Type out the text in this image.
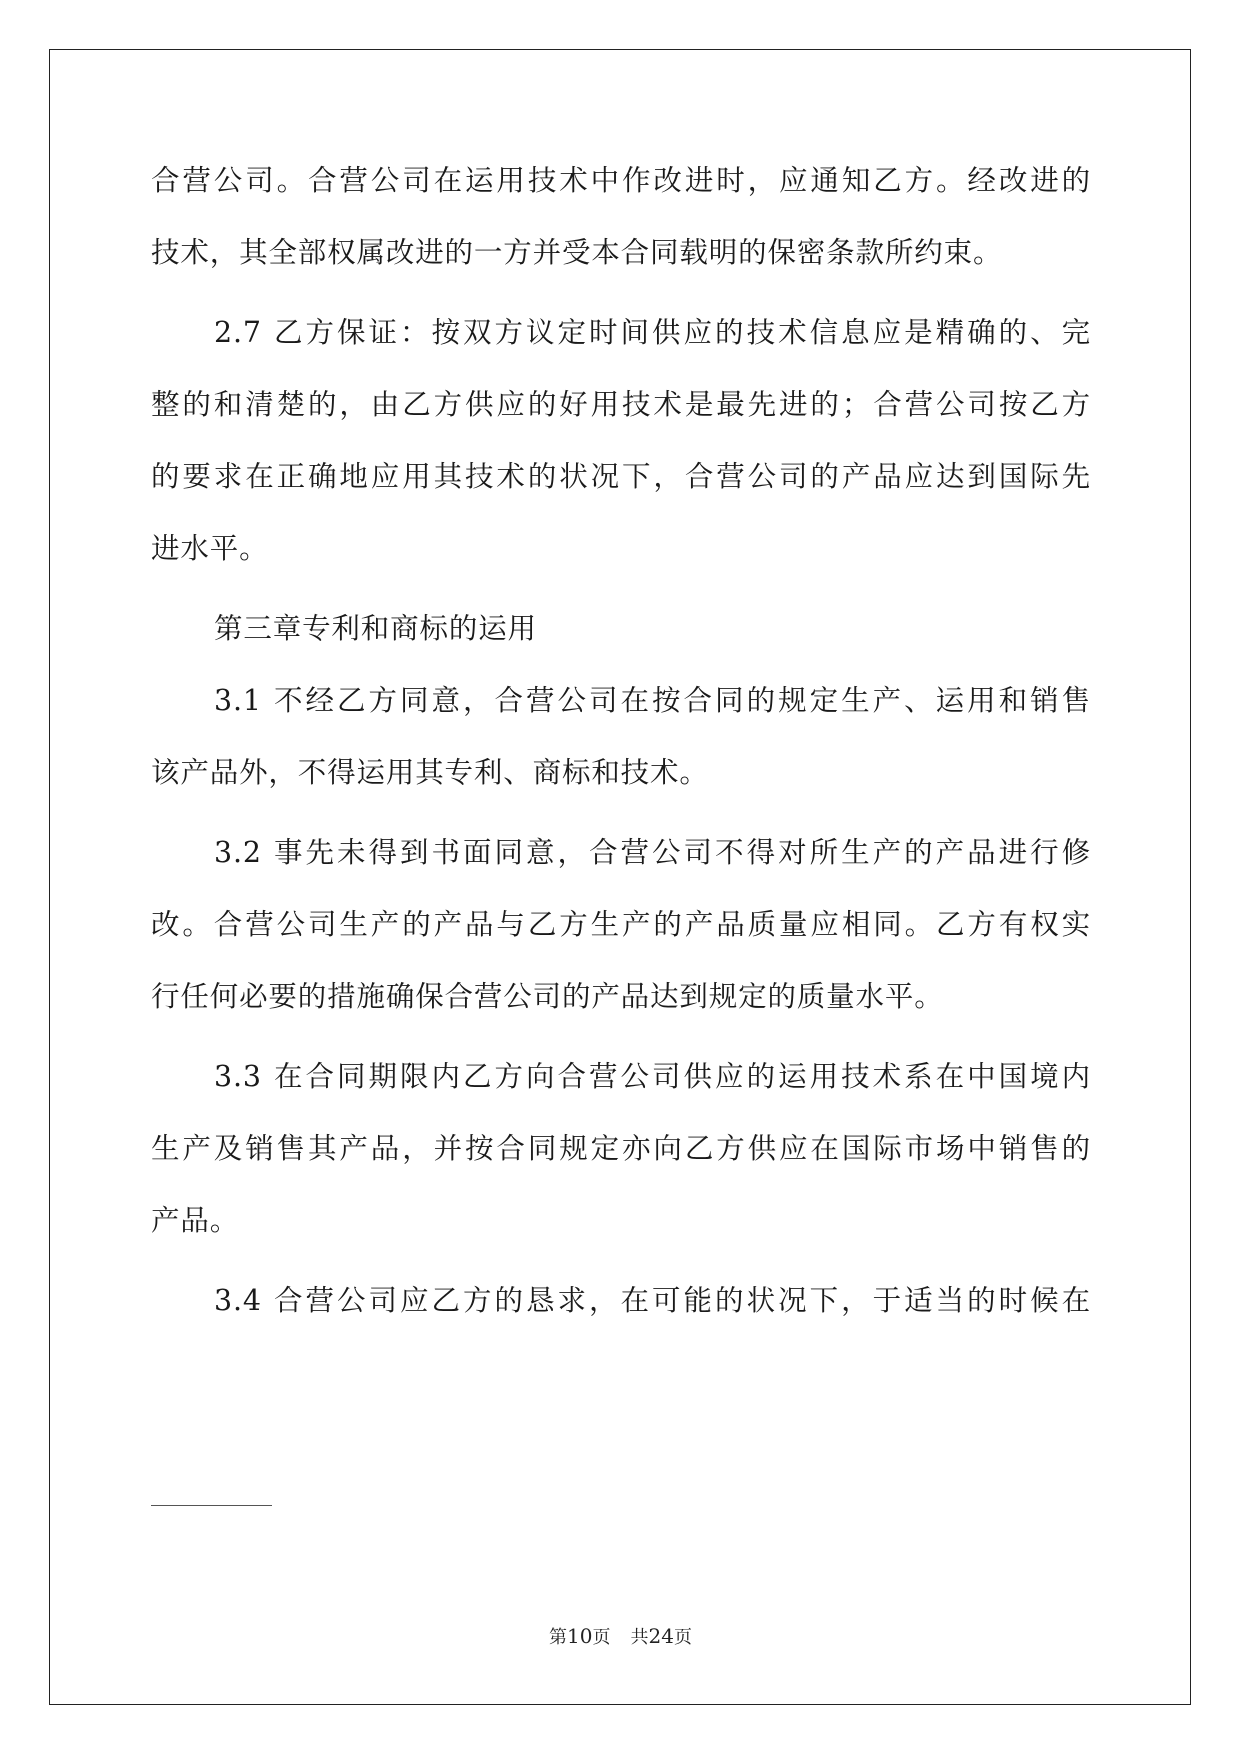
合营公司。合营公司在运用技术中作改进时，应通知乙方。经改进的

技术，其全部权属改进的一方并受本合同载明的保密条款所约束。

2.7 乙方保证：按双方议定时间供应的技术信息应是精确的、完

整的和清楚的，由乙方供应的好用技术是最先进的；合营公司按乙方

的要求在正确地应用其技术的状况下，合营公司的产品应达到国际先

进水平。

第三章专利和商标的运用

3.1 不经乙方同意，合营公司在按合同的规定生产、运用和销售

该产品外，不得运用其专利、商标和技术。

3.2 事先未得到书面同意，合营公司不得对所生产的产品进行修

改。合营公司生产的产品与乙方生产的产品质量应相同。乙方有权实

行任何必要的措施确保合营公司的产品达到规定的质量水平。

3.3 在合同期限内乙方向合营公司供应的运用技术系在中国境内

生产及销售其产品，并按合同规定亦向乙方供应在国际市场中销售的

产品。

3.4 合营公司应乙方的恳求，在可能的状况下，于适当的时候在

第10页 共24页
